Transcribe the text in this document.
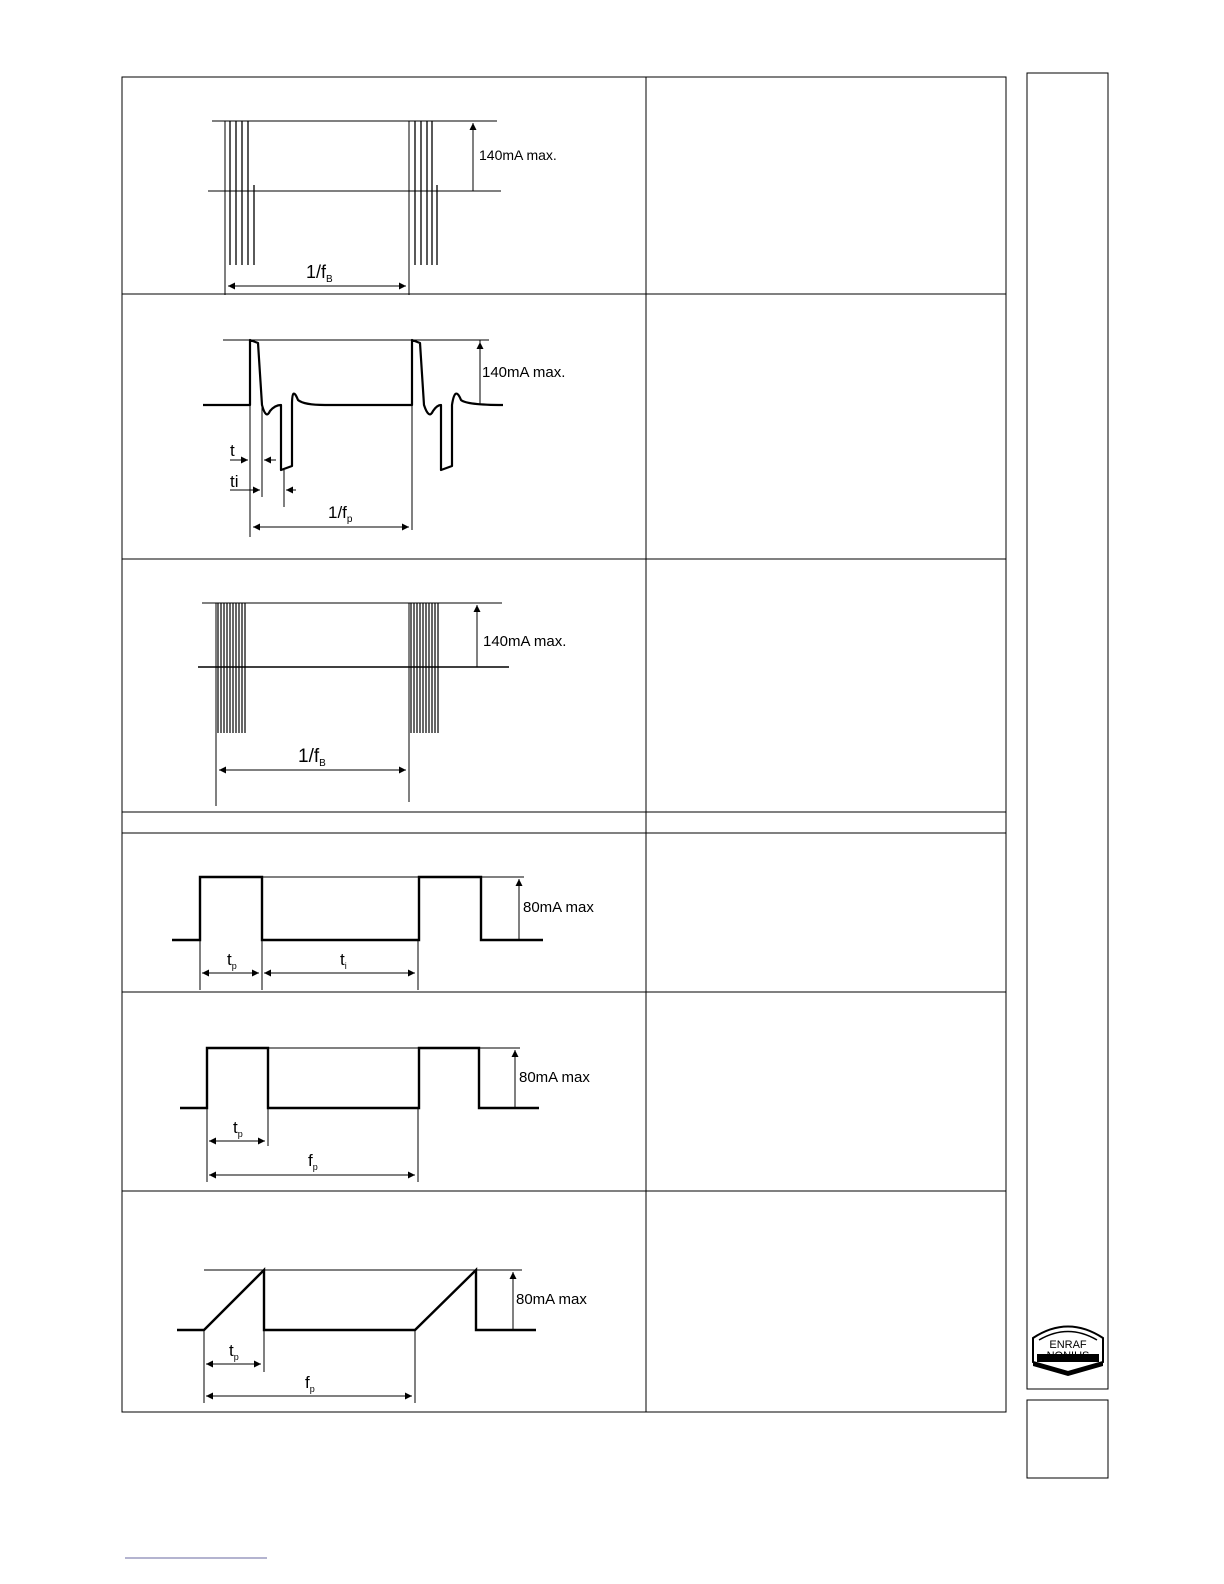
ENRAF
NONIUS
140mA max.
$1/f_B$
140mA max.
t
ti
$1/f_p$
140mA max.
$1/f_B$
80mA max
$t_p$	$t_i$
80mA max
$t_p$
$f_p$
80mA max
$t_p$
$f_p$
